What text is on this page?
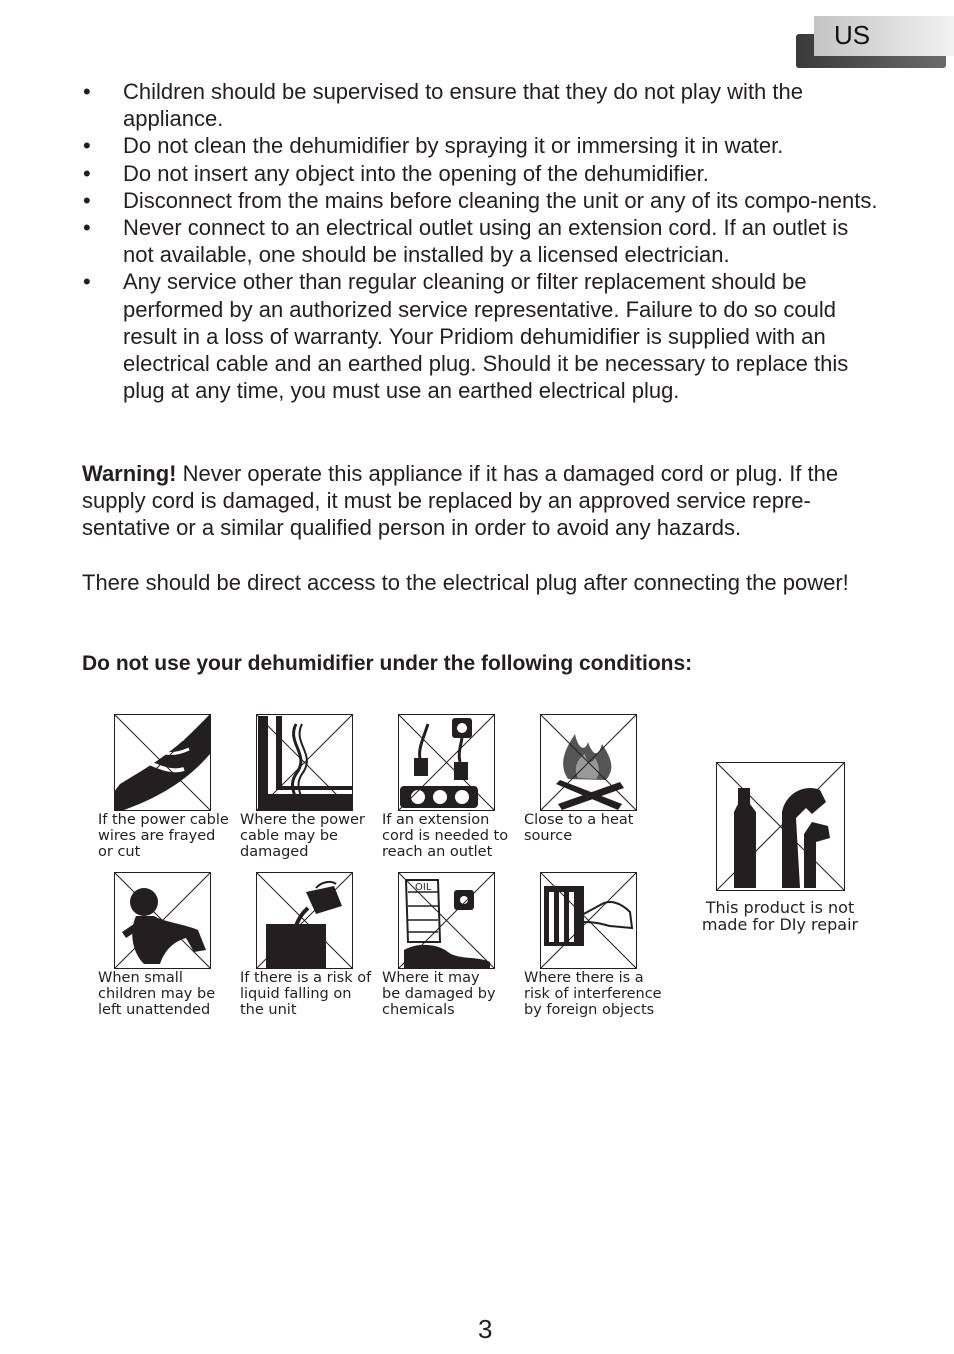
US
• Children should be supervised to ensure that they do not play with the appliance.
• Do not clean the dehumidifier by spraying it or immersing it in water.
• Do not insert any object into the opening of the dehumidifier.
• Disconnect from the mains before cleaning the unit or any of its compo-nents.
• Never connect to an electrical outlet using an extension cord. If an outlet is not available, one should be installed by a licensed electrician.
• Any service other than regular cleaning or filter replacement should be performed by an authorized service representative. Failure to do so could result in a loss of warranty. Your Pridiom dehumidifier is supplied with an electrical cable and an earthed plug. Should it be necessary to replace this plug at any time, you must use an earthed electrical plug.

Warning! Never operate this appliance if it has a damaged cord or plug. If the supply cord is damaged, it must be replaced by an approved service repre-sentative or a similar qualified person in order to avoid any hazards.

There should be direct access to the electrical plug after connecting the power!

Do not use your dehumidifier under the following conditions:

If the power cable
wires are frayed
or cut

Where the power
cable may be
damaged

If an extension
cord is needed to
reach an outlet

Close to a heat
source

OIL

When small
children may be
left unattended

If there is a risk of
liquid falling on
the unit

Where it may
be damaged by
chemicals

Where there is a
risk of interference
by foreign objects

This product is not
made for DIy repair

3
